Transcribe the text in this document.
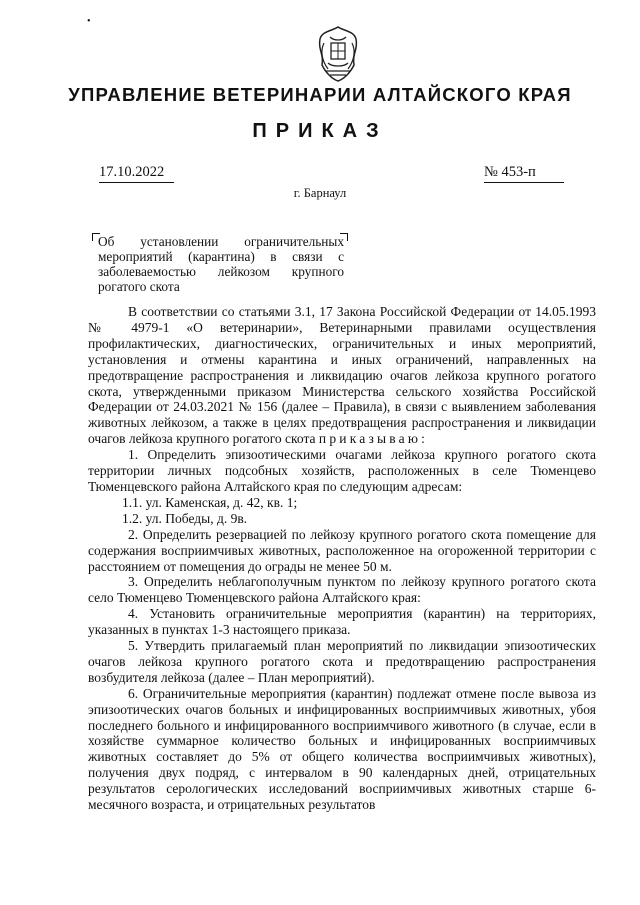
•
УПРАВЛЕНИЕ ВЕТЕРИНАРИИ АЛТАЙСКОГО КРАЯ
ПРИКАЗ
17.10.2022	№ 453-п
г. Барнаул
Об установлении ограничительных мероприятий (карантина) в связи с заболеваемостью лейкозом крупного рогатого скота

В соответствии со статьями 3.1, 17 Закона Российской Федерации от 14.05.1993 № 4979-1 «О ветеринарии», Ветеринарными правилами осуществления профилактических, диагностических, ограничительных и иных мероприятий, установления и отмены карантина и иных ограничений, направленных на предотвращение распространения и ликвидацию очагов лейкоза крупного рогатого скота, утвержденными приказом Министерства сельского хозяйства Российской Федерации от 24.03.2021 № 156 (далее – Правила), в связи с выявлением заболевания животных лейкозом, а также в целях предотвращения распространения и ликвидации очагов лейкоза крупного рогатого скота приказываю:

1. Определить эпизоотическими очагами лейкоза крупного рогатого скота территории личных подсобных хозяйств, расположенных в селе Тюменцево Тюменцевского района Алтайского края по следующим адресам:

1.1. ул. Каменская, д. 42, кв. 1;

1.2. ул. Победы, д. 9в.

2. Определить резервацией по лейкозу крупного рогатого скота помещение для содержания восприимчивых животных, расположенное на огороженной территории с расстоянием от помещения до ограды не менее 50 м.

3. Определить неблагополучным пунктом по лейкозу крупного рогатого скота село Тюменцево Тюменцевского района Алтайского края:

4. Установить ограничительные мероприятия (карантин) на территориях, указанных в пунктах 1-3 настоящего приказа.

5. Утвердить прилагаемый план мероприятий по ликвидации эпизоотических очагов лейкоза крупного рогатого скота и предотвращению распространения возбудителя лейкоза (далее – План мероприятий).

6. Ограничительные мероприятия (карантин) подлежат отмене после вывоза из эпизоотических очагов больных и инфицированных восприимчивых животных, убоя последнего больного и инфицированного восприимчивого животного (в случае, если в хозяйстве суммарное количество больных и инфицированных восприимчивых животных составляет до 5% от общего количества восприимчивых животных), получения двух подряд, с интервалом в 90 календарных дней, отрицательных результатов серологических исследований восприимчивых животных старше 6-месячного возраста, и отрицательных результатов
